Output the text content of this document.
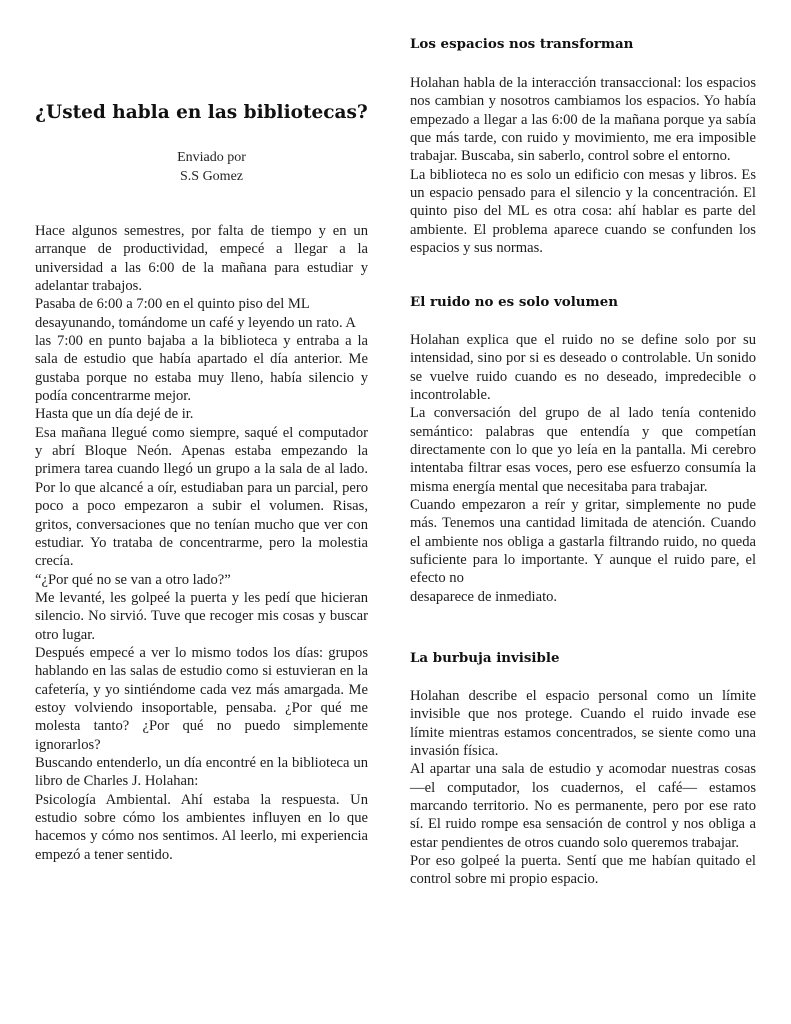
¿Usted habla en las bibliotecas?
Enviado por
S.S Gomez

Hace algunos semestres, por falta de tiempo y en un arranque de productividad, empecé a llegar a la universidad a las 6:00 de la mañana para estudiar y adelantar trabajos.

Pasaba de 6:00 a 7:00 en el quinto piso del ML desayunando, tomándome un café y leyendo un rato. A

las 7:00 en punto bajaba a la biblioteca y entraba a la sala de estudio que había apartado el día anterior. Me gustaba porque no estaba muy lleno, había silencio y podía concentrarme mejor.

Hasta que un día dejé de ir.

Esa mañana llegué como siempre, saqué el computador y abrí Bloque Neón. Apenas estaba empezando la primera tarea cuando llegó un grupo a la sala de al lado. Por lo que alcancé a oír, estudiaban para un parcial, pero poco a poco empezaron a subir el volumen. Risas, gritos, conversaciones que no tenían mucho que ver con estudiar. Yo trataba de concentrarme, pero la molestia crecía.

“¿Por qué no se van a otro lado?”

Me levanté, les golpeé la puerta y les pedí que hicieran silencio. No sirvió. Tuve que recoger mis cosas y buscar otro lugar.

Después empecé a ver lo mismo todos los días: grupos hablando en las salas de estudio como si estuvieran en la cafetería, y yo sintiéndome cada vez más amargada. Me estoy volviendo insoportable, pensaba. ¿Por qué me molesta tanto? ¿Por qué no puedo simplemente ignorarlos?

Buscando entenderlo, un día encontré en la biblioteca un libro de Charles J. Holahan:

Psicología Ambiental. Ahí estaba la respuesta. Un estudio sobre cómo los ambientes influyen en lo que hacemos y cómo nos sentimos. Al leerlo, mi experiencia empezó a tener sentido.

Los espacios nos transforman

Holahan habla de la interacción transaccional: los espacios nos cambian y nosotros cambiamos los espacios. Yo había empezado a llegar a las 6:00 de la mañana porque ya sabía que más tarde, con ruido y movimiento, me era imposible trabajar. Buscaba, sin saberlo, control sobre el entorno.

La biblioteca no es solo un edificio con mesas y libros. Es un espacio pensado para el silencio y la concentración. El quinto piso del ML es otra cosa: ahí hablar es parte del ambiente. El problema aparece cuando se confunden los espacios y sus normas.

El ruido no es solo volumen

Holahan explica que el ruido no se define solo por su intensidad, sino por si es deseado o controlable. Un sonido se vuelve ruido cuando es no deseado, impredecible o incontrolable.

La conversación del grupo de al lado tenía contenido semántico: palabras que entendía y que competían directamente con lo que yo leía en la pantalla. Mi cerebro intentaba filtrar esas voces, pero ese esfuerzo consumía la misma energía mental que necesitaba para trabajar.

Cuando empezaron a reír y gritar, simplemente no pude más. Tenemos una cantidad limitada de atención. Cuando el ambiente nos obliga a gastarla filtrando ruido, no queda suficiente para lo importante. Y aunque el ruido pare, el efecto no

desaparece de inmediato.

La burbuja invisible

Holahan describe el espacio personal como un límite invisible que nos protege. Cuando el ruido invade ese límite mientras estamos concentrados, se siente como una invasión física.

Al apartar una sala de estudio y acomodar nuestras cosas —el computador, los cuadernos, el café— estamos marcando territorio. No es permanente, pero por ese rato sí. El ruido rompe esa sensación de control y nos obliga a estar pendientes de otros cuando solo queremos trabajar.

Por eso golpeé la puerta. Sentí que me habían quitado el control sobre mi propio espacio.
